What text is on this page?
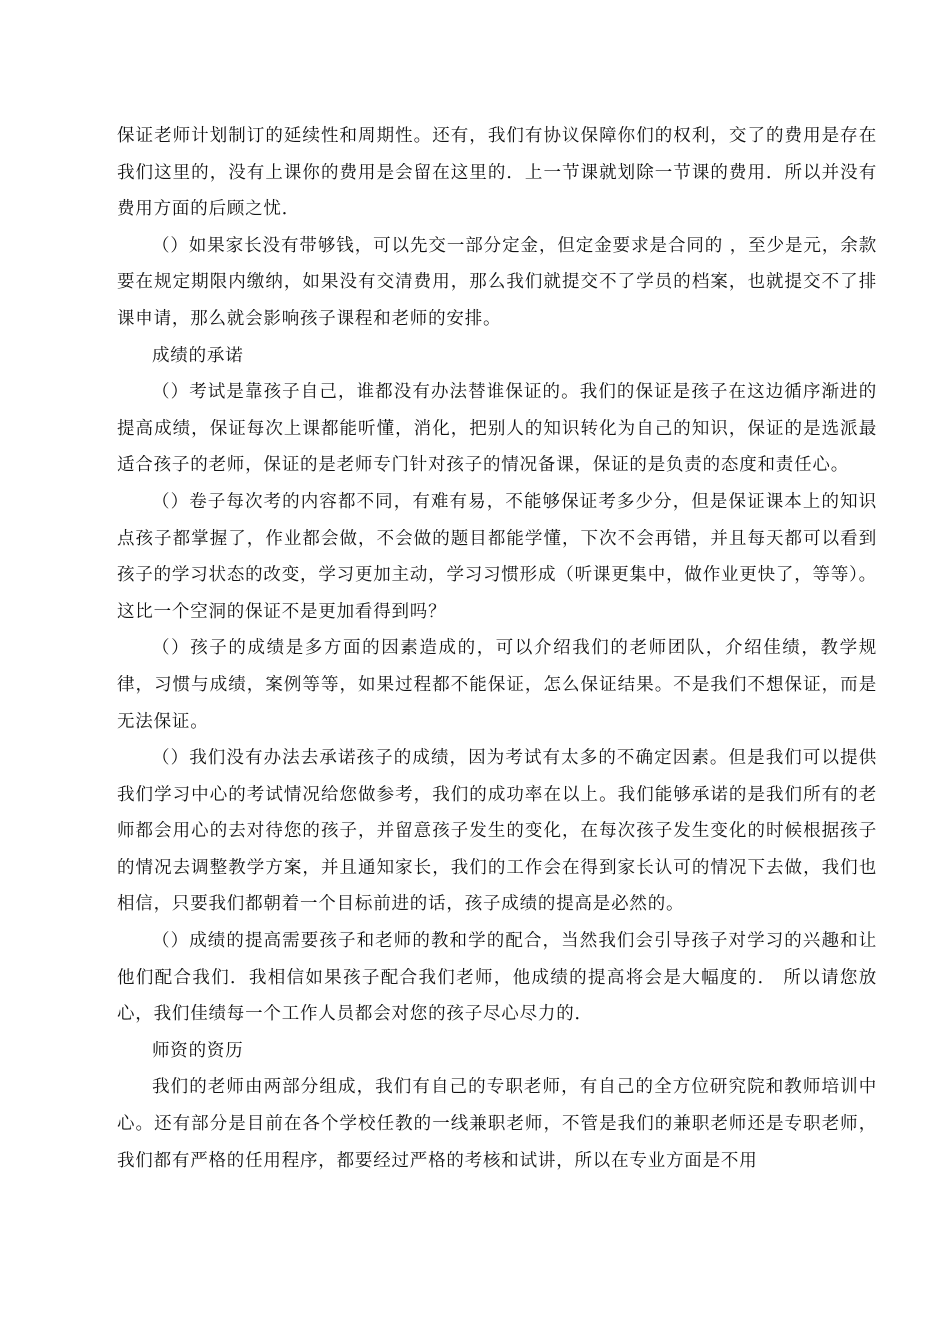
保证老师计划制订的延续性和周期性。还有，我们有协议保障你们的权利，交了的费用是存在我们这里的，没有上课你的费用是会留在这里的．上一节课就划除一节课的费用．所以并没有费用方面的后顾之忧．

（）如果家长没有带够钱，可以先交一部分定金，但定金要求是合同的 ，至少是元，余款要在规定期限内缴纳，如果没有交清费用，那么我们就提交不了学员的档案，也就提交不了排课申请，那么就会影响孩子课程和老师的安排。

成绩的承诺

（）考试是靠孩子自己，谁都没有办法替谁保证的。我们的保证是孩子在这边循序渐进的提高成绩，保证每次上课都能听懂，消化，把别人的知识转化为自己的知识，保证的是选派最适合孩子的老师，保证的是老师专门针对孩子的情况备课，保证的是负责的态度和责任心。

（）卷子每次考的内容都不同，有难有易，不能够保证考多少分，但是保证课本上的知识点孩子都掌握了，作业都会做，不会做的题目都能学懂，下次不会再错，并且每天都可以看到孩子的学习状态的改变，学习更加主动，学习习惯形成（听课更集中，做作业更快了，等等）。这比一个空洞的保证不是更加看得到吗？

（）孩子的成绩是多方面的因素造成的，可以介绍我们的老师团队，介绍佳绩，教学规律，习惯与成绩，案例等等，如果过程都不能保证，怎么保证结果。不是我们不想保证，而是无法保证。

（）我们没有办法去承诺孩子的成绩，因为考试有太多的不确定因素。但是我们可以提供我们学习中心的考试情况给您做参考，我们的成功率在以上。我们能够承诺的是我们所有的老师都会用心的去对待您的孩子，并留意孩子发生的变化，在每次孩子发生变化的时候根据孩子的情况去调整教学方案，并且通知家长，我们的工作会在得到家长认可的情况下去做，我们也相信，只要我们都朝着一个目标前进的话，孩子成绩的提高是必然的。

（）成绩的提高需要孩子和老师的教和学的配合，当然我们会引导孩子对学习的兴趣和让他们配合我们．我相信如果孩子配合我们老师，他成绩的提高将会是大幅度的． 所以请您放心，我们佳绩每一个工作人员都会对您的孩子尽心尽力的．

师资的资历

我们的老师由两部分组成，我们有自己的专职老师，有自己的全方位研究院和教师培训中心。还有部分是目前在各个学校任教的一线兼职老师，不管是我们的兼职老师还是专职老师，我们都有严格的任用程序，都要经过严格的考核和试讲，所以在专业方面是不用
